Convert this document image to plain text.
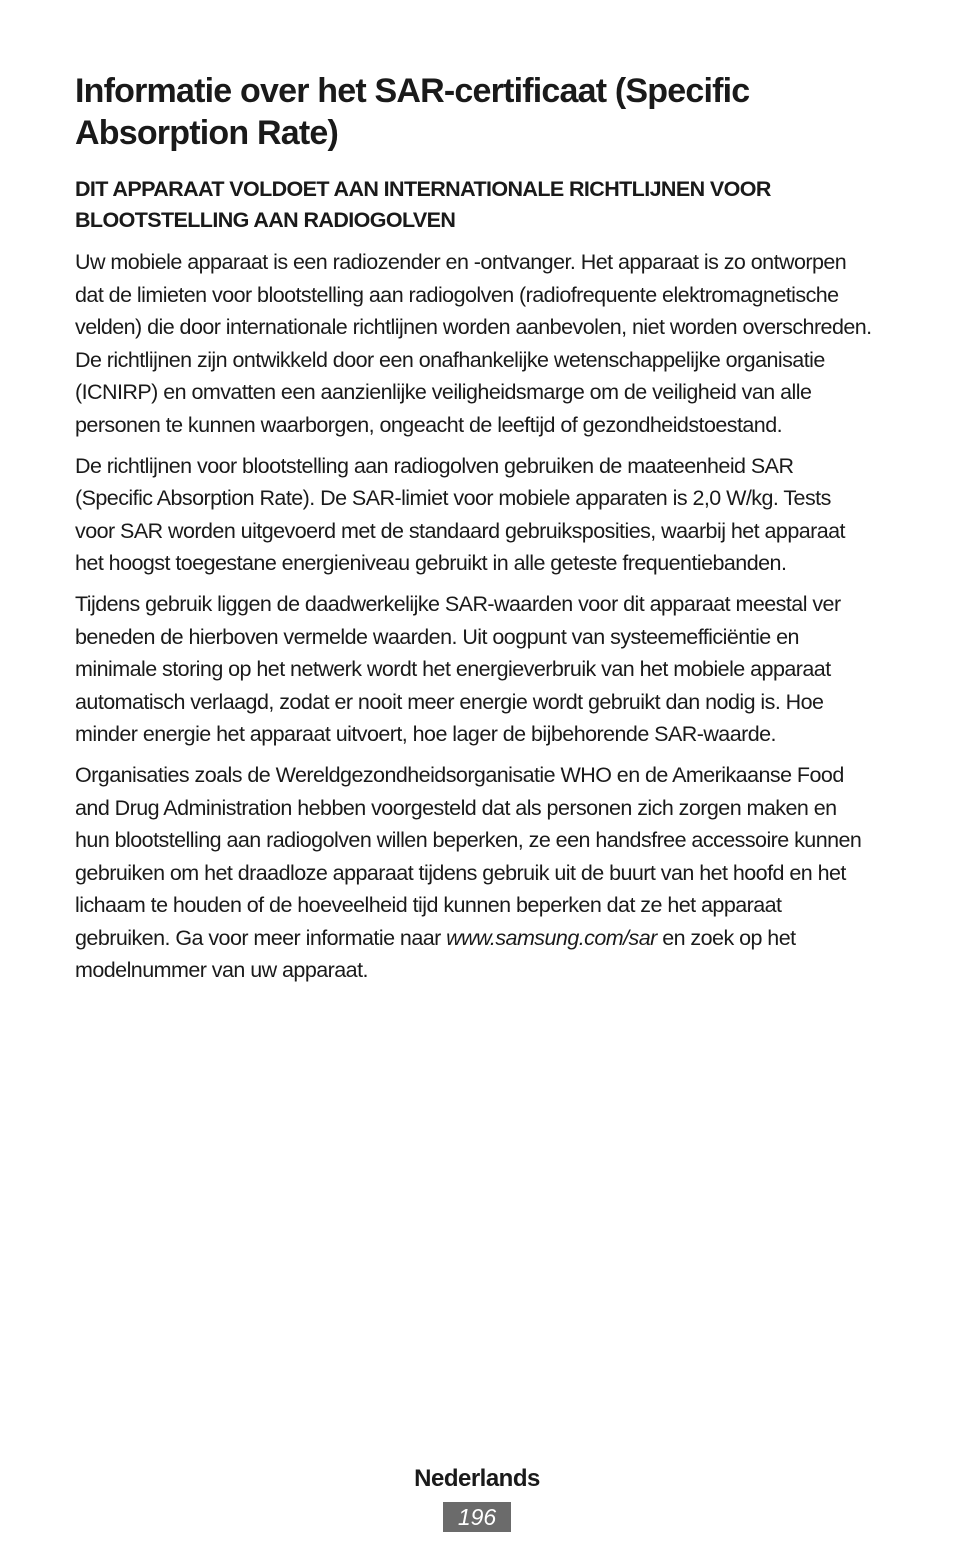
Informatie over het SAR-certificaat (Specific Absorption Rate)
DIT APPARAAT VOLDOET AAN INTERNATIONALE RICHTLIJNEN VOOR BLOOTSTELLING AAN RADIOGOLVEN

Uw mobiele apparaat is een radiozender en -ontvanger. Het apparaat is zo ontworpen dat de limieten voor blootstelling aan radiogolven (radiofrequente elektromagnetische velden) die door internationale richtlijnen worden aanbevolen, niet worden overschreden. De richtlijnen zijn ontwikkeld door een onafhankelijke wetenschappelijke organisatie (ICNIRP) en omvatten een aanzienlijke veiligheidsmarge om de veiligheid van alle personen te kunnen waarborgen, ongeacht de leeftijd of gezondheidstoestand.

De richtlijnen voor blootstelling aan radiogolven gebruiken de maateenheid SAR (Specific Absorption Rate). De SAR-limiet voor mobiele apparaten is 2,0 W/kg. Tests voor SAR worden uitgevoerd met de standaard gebruiksposities, waarbij het apparaat het hoogst toegestane energieniveau gebruikt in alle geteste frequentiebanden.

Tijdens gebruik liggen de daadwerkelijke SAR-waarden voor dit apparaat meestal ver beneden de hierboven vermelde waarden. Uit oogpunt van systeemefficiëntie en minimale storing op het netwerk wordt het energieverbruik van het mobiele apparaat automatisch verlaagd, zodat er nooit meer energie wordt gebruikt dan nodig is. Hoe minder energie het apparaat uitvoert, hoe lager de bijbehorende SAR-waarde.

Organisaties zoals de Wereldgezondheidsorganisatie WHO en de Amerikaanse Food and Drug Administration hebben voorgesteld dat als personen zich zorgen maken en hun blootstelling aan radiogolven willen beperken, ze een handsfree accessoire kunnen gebruiken om het draadloze apparaat tijdens gebruik uit de buurt van het hoofd en het lichaam te houden of de hoeveelheid tijd kunnen beperken dat ze het apparaat gebruiken. Ga voor meer informatie naar www.samsung.com/sar en zoek op het modelnummer van uw apparaat.

Nederlands
196
